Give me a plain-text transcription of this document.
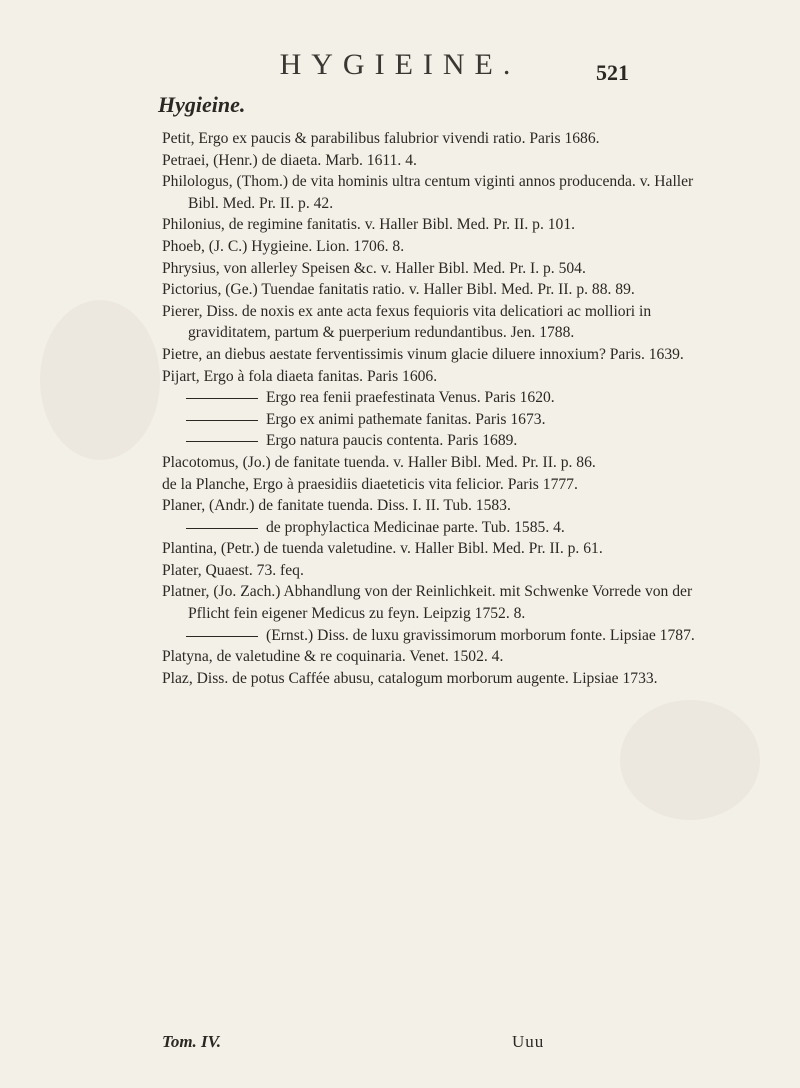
HYGIEINE.	521
Hygieine.

Petit, Ergo ex paucis & parabilibus falubrior vivendi ratio. Paris 1686.

Petraei, (Henr.) de diaeta. Marb. 1611. 4.

Philologus, (Thom.) de vita hominis ultra centum viginti annos producenda. v. Haller Bibl. Med. Pr. II. p. 42.

Philonius, de regimine fanitatis. v. Haller Bibl. Med. Pr. II. p. 101.

Phoeb, (J. C.) Hygieine. Lion. 1706. 8.

Phrysius, von allerley Speisen &c. v. Haller Bibl. Med. Pr. I. p. 504.

Pictorius, (Ge.) Tuendae fanitatis ratio. v. Haller Bibl. Med. Pr. II. p. 88. 89.

Pierer, Diss. de noxis ex ante acta fexus fequioris vita delicatiori ac molliori in graviditatem, partum & puerperium redundantibus. Jen. 1788.

Pietre, an diebus aestate ferventissimis vinum glacie diluere innoxium? Paris. 1639.

Pijart, Ergo à fola diaeta fanitas. Paris 1606.

Ergo rea fenii praefestinata Venus. Paris 1620.

Ergo ex animi pathemate fanitas. Paris 1673.

Ergo natura paucis contenta. Paris 1689.

Placotomus, (Jo.) de fanitate tuenda. v. Haller Bibl. Med. Pr. II. p. 86.

de la Planche, Ergo à praesidiis diaeteticis vita felicior. Paris 1777.

Planer, (Andr.) de fanitate tuenda. Diss. I. II. Tub. 1583.

de prophylactica Medicinae parte. Tub. 1585. 4.

Plantina, (Petr.) de tuenda valetudine. v. Haller Bibl. Med. Pr. II. p. 61.

Plater, Quaest. 73. feq.

Platner, (Jo. Zach.) Abhandlung von der Reinlichkeit. mit Schwenke Vorrede von der Pflicht fein eigener Medicus zu feyn. Leipzig 1752. 8.

(Ernst.) Diss. de luxu gravissimorum morborum fonte. Lipsiae 1787.

Platyna, de valetudine & re coquinaria. Venet. 1502. 4.

Plaz, Diss. de potus Caffée abusu, catalogum morborum augente. Lipsiae 1733.

Tom. IV.	Uuu
